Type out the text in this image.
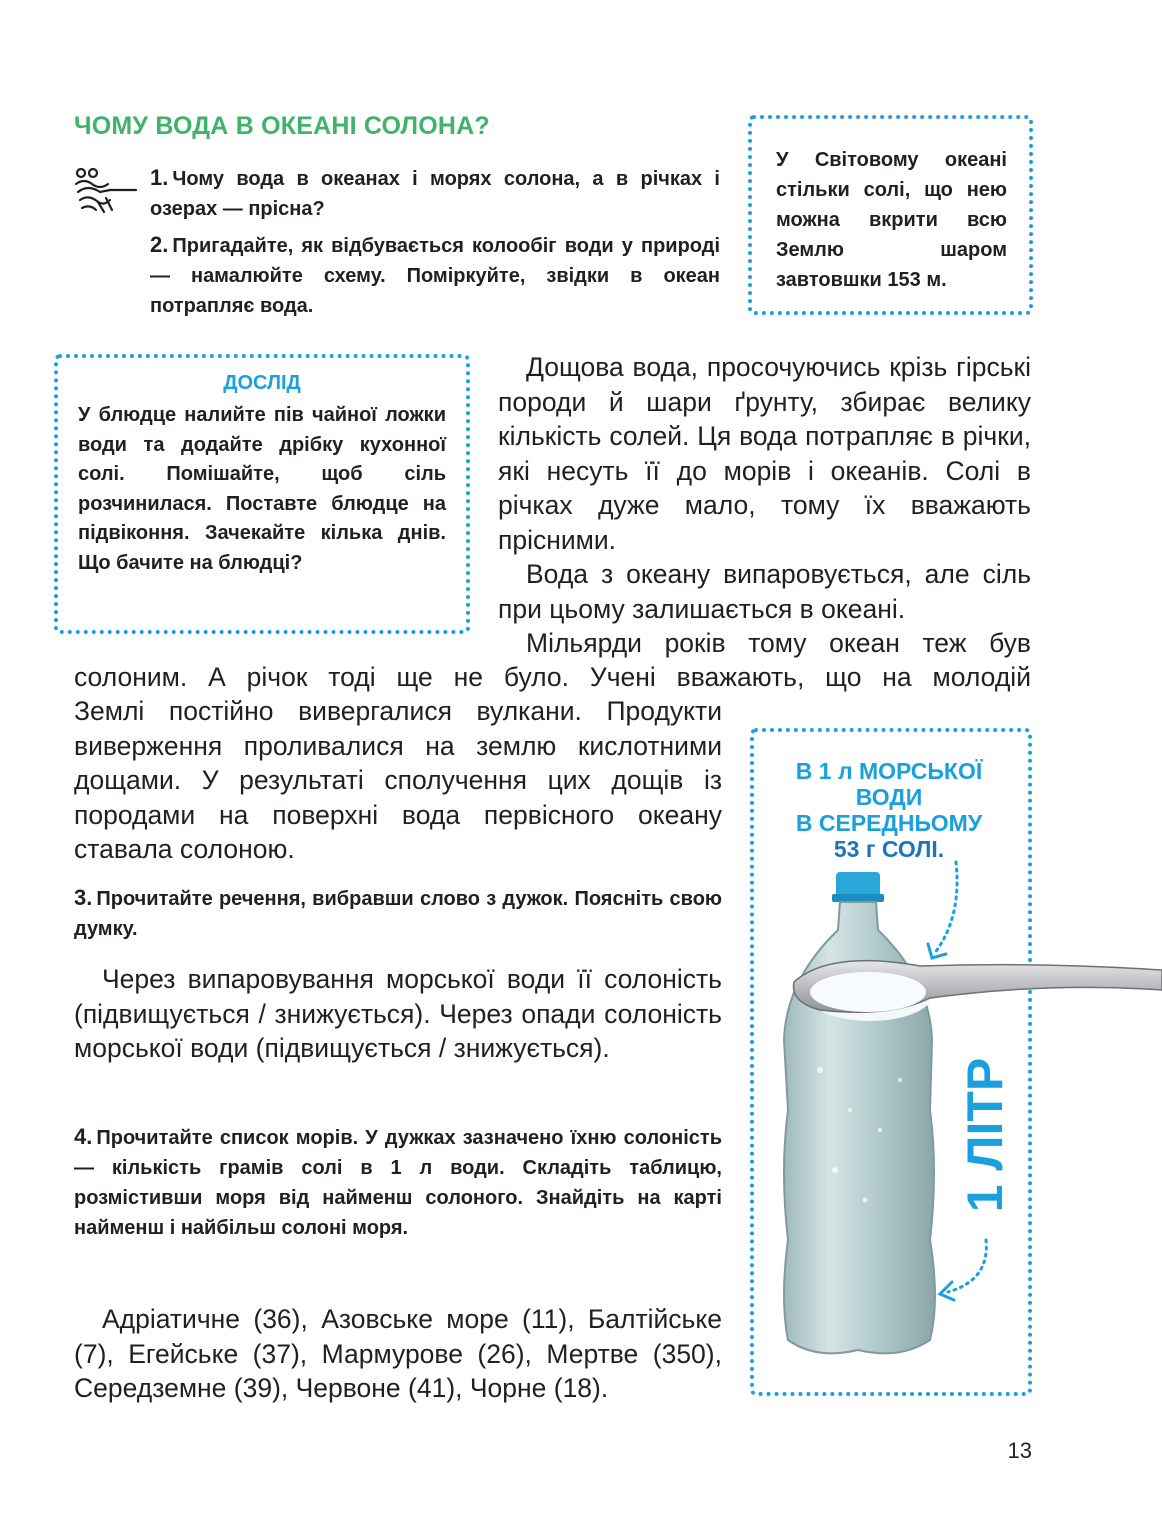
ЧОМУ ВОДА В ОКЕАНІ СОЛОНА?
1. Чому вода в океанах і морях солона, а в річках і озерах — прісна?
2. Пригадайте, як відбувається колообіг води у природі — намалюйте схему. Поміркуйте, звідки в океан потрапляє вода.
У Світовому океані стільки солі, що нею можна вкрити всю Землю шаром завтовшки 153 м.
ДОСЛІД
У блюдце налийте пів чайної ложки води та додайте дрібку кухонної солі. Помішайте, щоб сіль розчинилася. Поставте блюдце на підвіконня. Зачекайте кілька днів. Що бачите на блюдці?
Дощова вода, просочуючись крізь гірські породи й шари ґрунту, збирає велику кількість солей. Ця вода потрапляє в річки, які несуть її до морів і океанів. Солі в річках дуже мало, тому їх вважають прісними.
Вода з океану випаровується, але сіль при цьому залишається в океані.
Мільярди років тому океан теж був
солоним. А річок тоді ще не було. Учені вважають, що на молодій
Землі постійно вивергалися вулкани. Продукти виверження проливалися на землю кислотними дощами. У результаті сполучення цих дощів із породами на поверхні вода первісного океану ставала солоною.
3. Прочитайте речення, вибравши слово з дужок. Поясніть свою думку.
Через випаровування морської води її солоність (підвищується / знижується). Через опади солоність морської води (підвищується / знижується).
4. Прочитайте список морів. У дужках зазначено їхню солоність — кількість грамів солі в 1 л води. Складіть таблицю, розмістивши моря від найменш солоного. Знайдіть на карті найменш і найбільш солоні моря.
Адріатичне (36), Азовське море (11), Балтійське (7), Егейське (37), Мармурове (26), Мертве (350), Середземне (39), Червоне (41), Чорне (18).
В 1 л МОРСЬКОЇ
ВОДИ
В СЕРЕДНЬОМУ
53 г СОЛІ.
1 ЛІТР
13
